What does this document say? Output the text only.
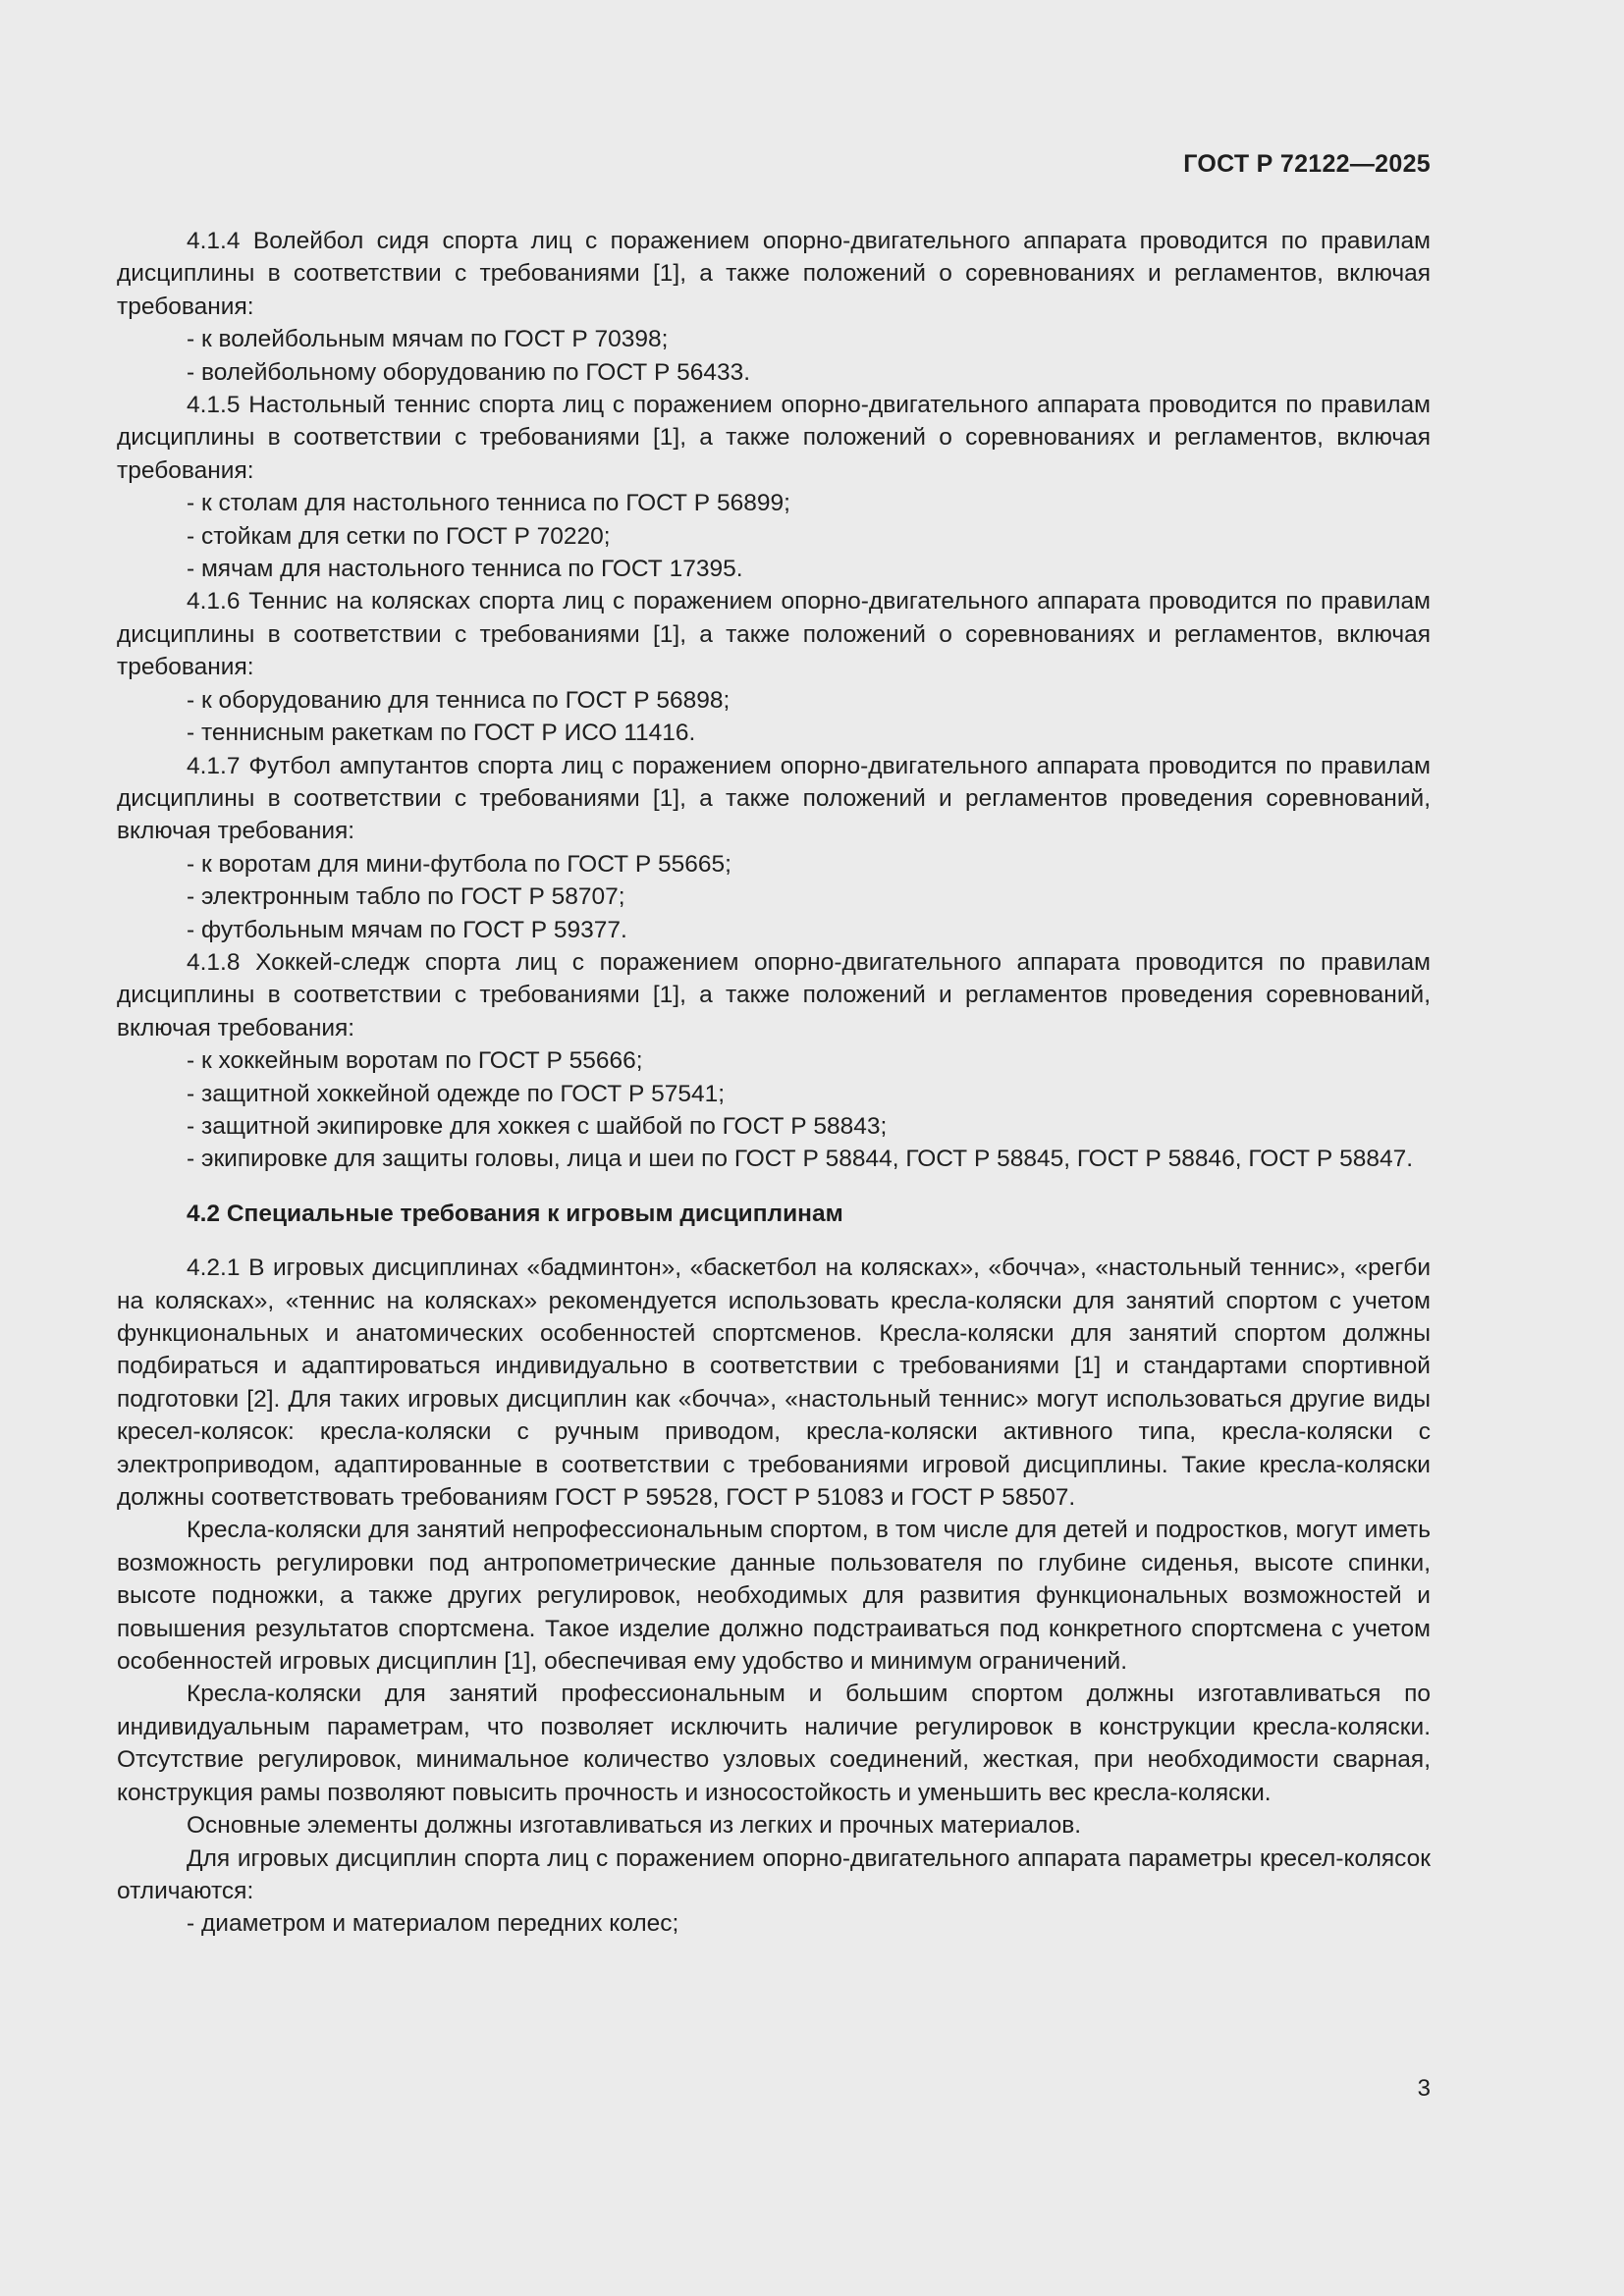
ГОСТ Р 72122—2025

4.1.4 Волейбол сидя спорта лиц с поражением опорно-двигательного аппарата проводится по правилам дисциплины в соответствии с требованиями [1], а также положений о соревнованиях и регламентов, включая требования:

- к волейбольным мячам по ГОСТ Р 70398;

- волейбольному оборудованию по ГОСТ Р 56433.

4.1.5 Настольный теннис спорта лиц с поражением опорно-двигательного аппарата проводится по правилам дисциплины в соответствии с требованиями [1], а также положений о соревнованиях и регламентов, включая требования:

- к столам для настольного тенниса по ГОСТ Р 56899;

- стойкам для сетки по ГОСТ Р 70220;

- мячам для настольного тенниса по ГОСТ 17395.

4.1.6 Теннис на колясках спорта лиц с поражением опорно-двигательного аппарата проводится по правилам дисциплины в соответствии с требованиями [1], а также положений о соревнованиях и регламентов, включая требования:

- к оборудованию для тенниса по ГОСТ Р 56898;

- теннисным ракеткам по ГОСТ Р ИСО 11416.

4.1.7 Футбол ампутантов спорта лиц с поражением опорно-двигательного аппарата проводится по правилам дисциплины в соответствии с требованиями [1], а также положений и регламентов проведения соревнований, включая требования:

- к воротам для мини-футбола по ГОСТ Р 55665;

- электронным табло по ГОСТ Р 58707;

- футбольным мячам по ГОСТ Р 59377.

4.1.8 Хоккей-следж спорта лиц с поражением опорно-двигательного аппарата проводится по правилам дисциплины в соответствии с требованиями [1], а также положений и регламентов проведения соревнований, включая требования:

- к хоккейным воротам по ГОСТ Р 55666;

- защитной хоккейной одежде по ГОСТ Р 57541;

- защитной экипировке для хоккея с шайбой по ГОСТ Р 58843;

- экипировке для защиты головы, лица и шеи по ГОСТ Р 58844, ГОСТ Р 58845, ГОСТ Р 58846, ГОСТ Р 58847.

4.2 Специальные требования к игровым дисциплинам

4.2.1 В игровых дисциплинах «бадминтон», «баскетбол на колясках», «бочча», «настольный теннис», «регби на колясках», «теннис на колясках» рекомендуется использовать кресла-коляски для занятий спортом с учетом функциональных и анатомических особенностей спортсменов. Кресла-коляски для занятий спортом должны подбираться и адаптироваться индивидуально в соответствии с требованиями [1] и стандартами спортивной подготовки [2]. Для таких игровых дисциплин как «бочча», «настольный теннис» могут использоваться другие виды кресел-колясок: кресла-коляски с ручным приводом, кресла-коляски активного типа, кресла-коляски с электроприводом, адаптированные в соответствии с требованиями игровой дисциплины. Такие кресла-коляски должны соответствовать требованиям ГОСТ Р 59528, ГОСТ Р 51083 и ГОСТ Р 58507.

Кресла-коляски для занятий непрофессиональным спортом, в том числе для детей и подростков, могут иметь возможность регулировки под антропометрические данные пользователя по глубине сиденья, высоте спинки, высоте подножки, а также других регулировок, необходимых для развития функциональных возможностей и повышения результатов спортсмена. Такое изделие должно подстраиваться под конкретного спортсмена с учетом особенностей игровых дисциплин [1], обеспечивая ему удобство и минимум ограничений.

Кресла-коляски для занятий профессиональным и большим спортом должны изготавливаться по индивидуальным параметрам, что позволяет исключить наличие регулировок в конструкции кресла-коляски. Отсутствие регулировок, минимальное количество узловых соединений, жесткая, при необходимости сварная, конструкция рамы позволяют повысить прочность и износостойкость и уменьшить вес кресла-коляски.

Основные элементы должны изготавливаться из легких и прочных материалов.

Для игровых дисциплин спорта лиц с поражением опорно-двигательного аппарата параметры кресел-колясок отличаются:

- диаметром и материалом передних колес;

3
